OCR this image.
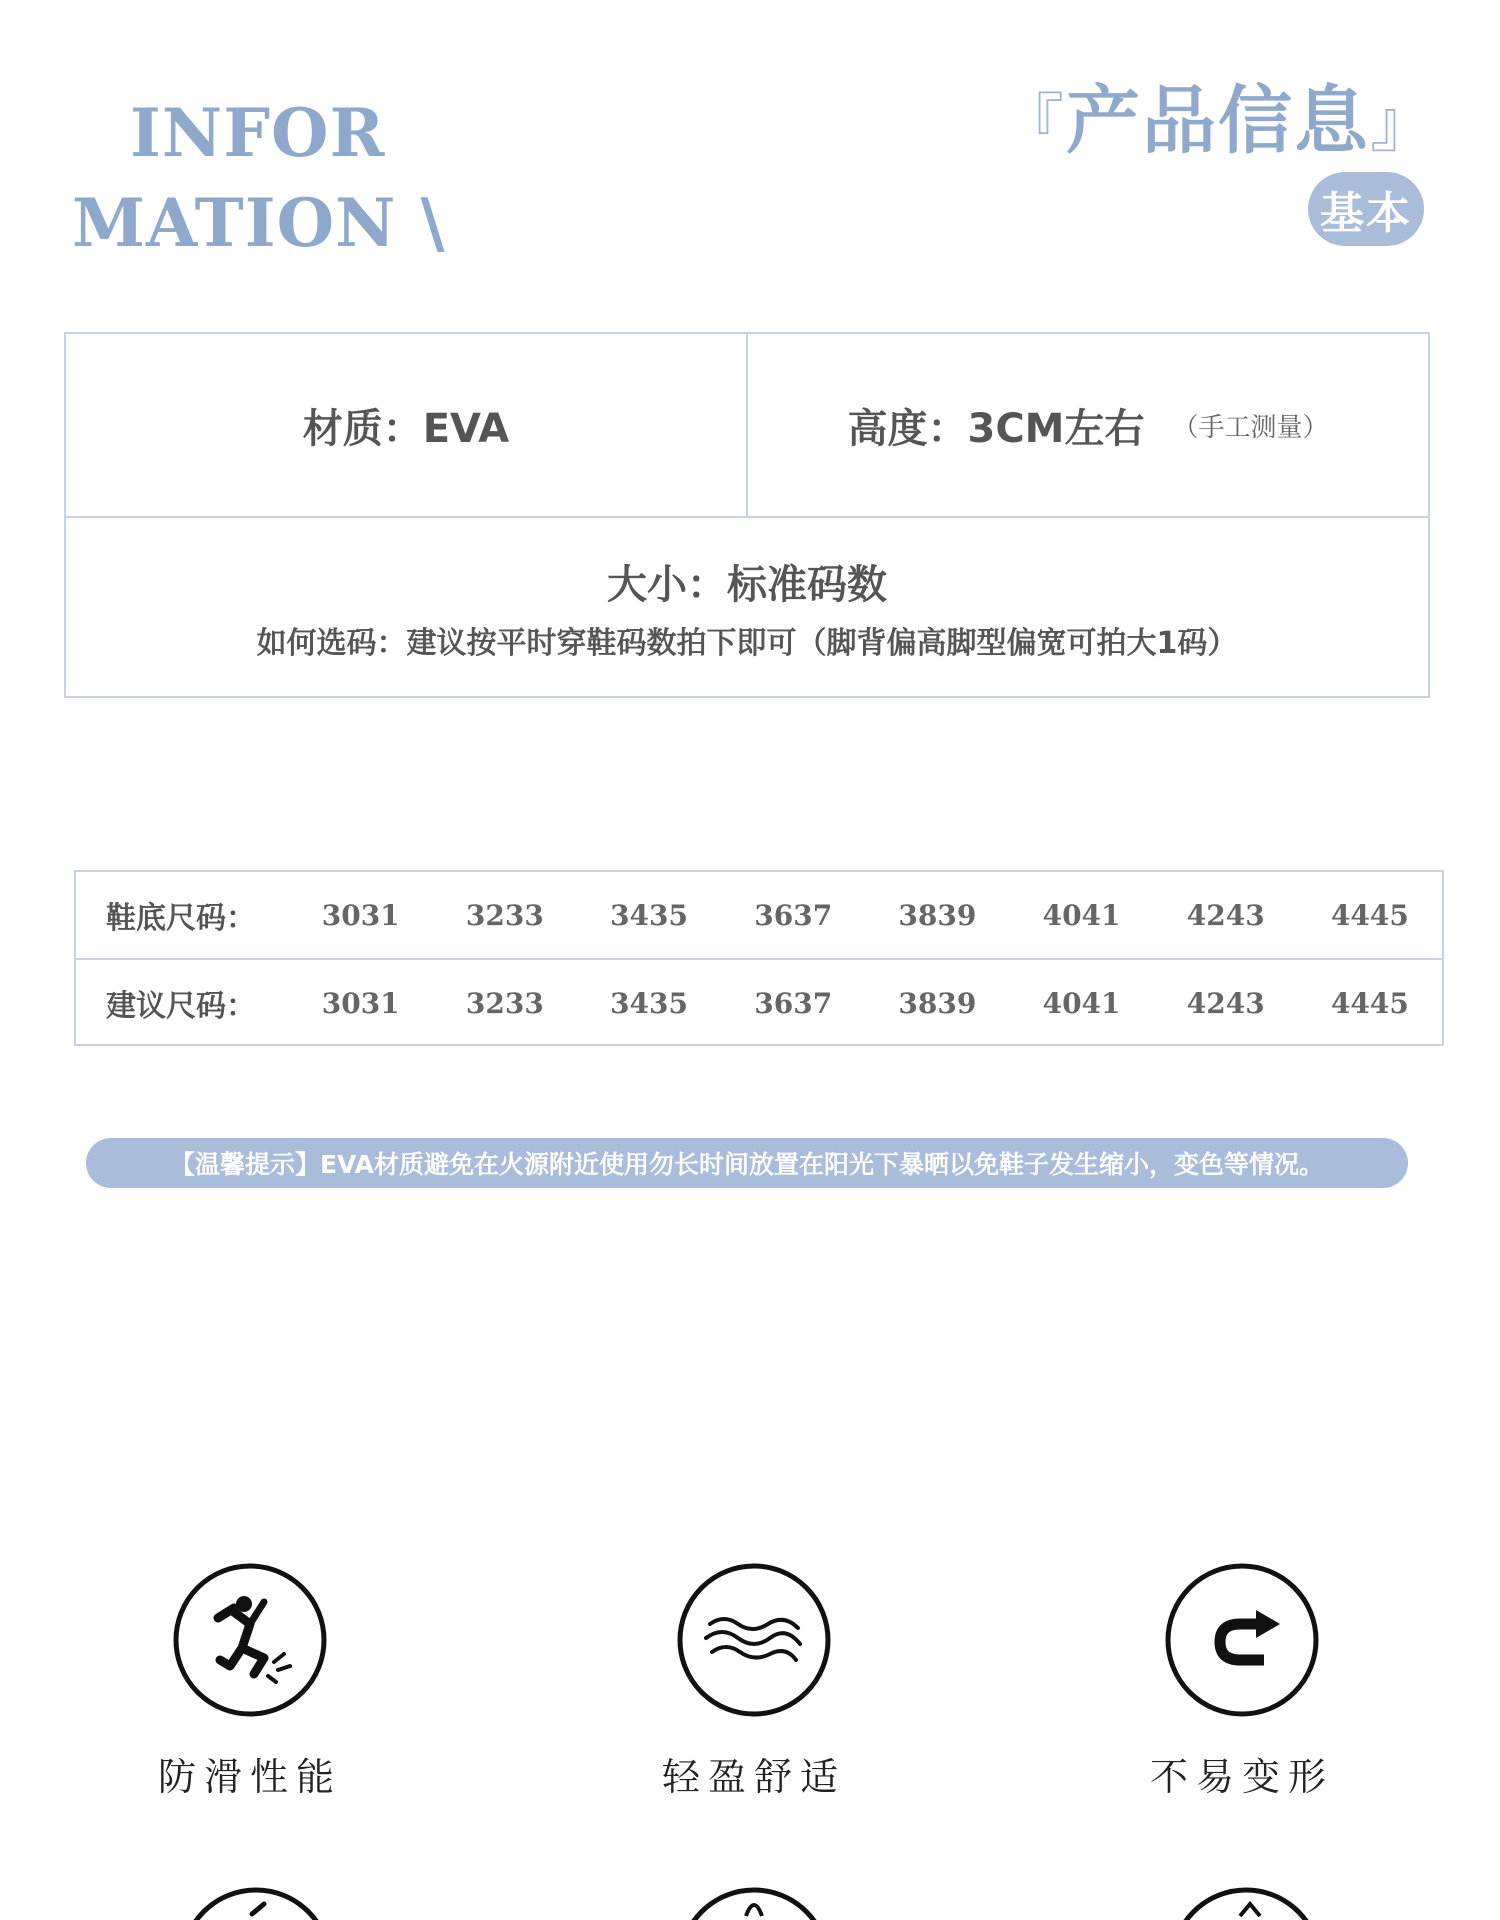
INFOR
MATION \
『产品信息』
基本
材质：EVA	高度：3CM左右 （手工测量）
大小：标准码数
如何选码：建议按平时穿鞋码数拍下即可（脚背偏高脚型偏宽可拍大1码）
鞋底尺码：	3031	3233	3435	3637	3839	4041	4243	4445
建议尺码：	3031	3233	3435	3637	3839	4041	4243	4445
【温馨提示】EVA材质避免在火源附近使用勿长时间放置在阳光下暴晒以免鞋子发生缩小，变色等情况。
防滑性能	轻盈舒适	不易变形
